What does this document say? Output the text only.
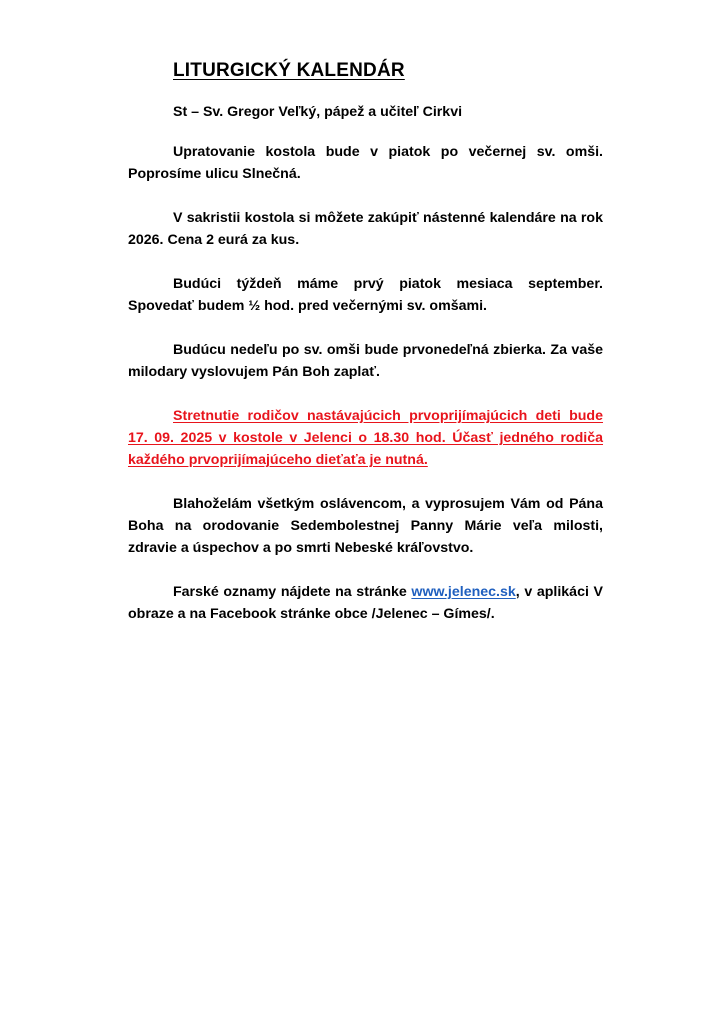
LITURGICKÝ KALENDÁR

St – Sv. Gregor Veľký, pápež a učiteľ Cirkvi

Upratovanie kostola bude v piatok po večernej sv. omši. Poprosíme ulicu Slnečná.

V sakristii kostola si môžete zakúpiť nástenné kalendáre na rok 2026. Cena 2 eurá za kus.

Budúci týždeň máme prvý piatok mesiaca september. Spovedať budem ½ hod. pred večernými sv. omšami.

Budúcu nedeľu po sv. omši bude prvonedeľná zbierka. Za vaše milodary vyslovujem Pán Boh zaplať.

Stretnutie rodičov nastávajúcich prvoprijímajúcich deti bude 17. 09. 2025 v kostole v Jelenci o 18.30 hod. Účasť jedného rodiča každého prvoprijímajúceho dieťaťa je nutná.

Blahoželám všetkým oslávencom, a vyprosujem Vám od Pána Boha na orodovanie Sedembolestnej Panny Márie veľa milosti, zdravie a úspechov a po smrti Nebeské kráľovstvo.

Farské oznamy nájdete na stránke www.jelenec.sk, v aplikáci V obraze a na Facebook stránke obce /Jelenec – Gímes/.
